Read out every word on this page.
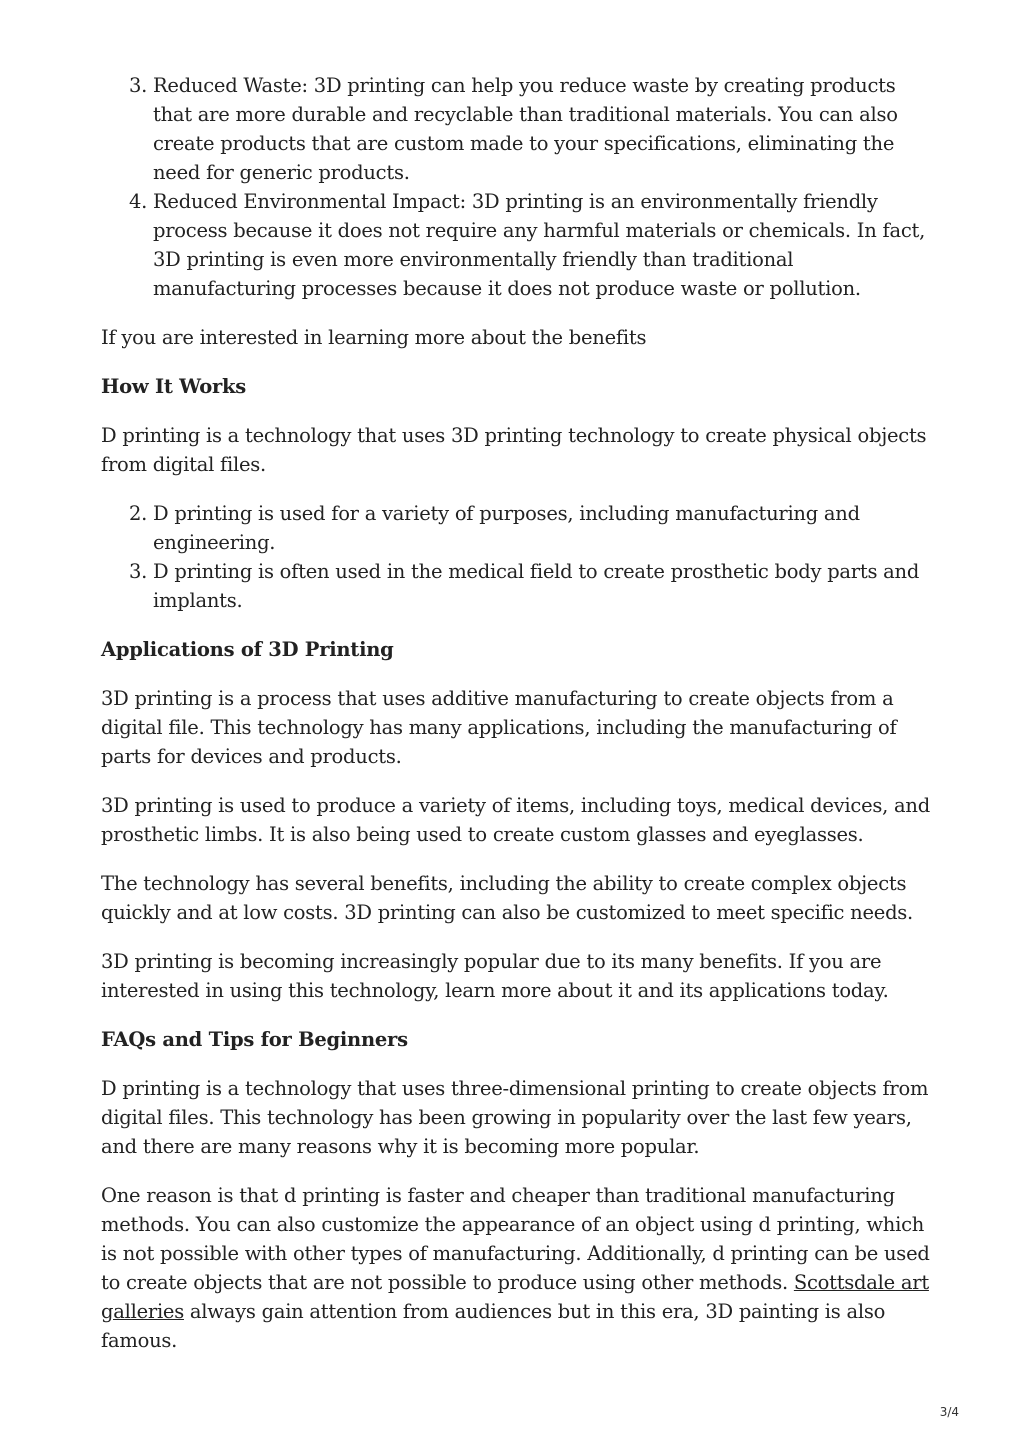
3. Reduced Waste: 3D printing can help you reduce waste by creating products that are more durable and recyclable than traditional materials. You can also create products that are custom made to your specifications, eliminating the need for generic products.
4. Reduced Environmental Impact: 3D printing is an environmentally friendly process because it does not require any harmful materials or chemicals. In fact, 3D printing is even more environmentally friendly than traditional manufacturing processes because it does not produce waste or pollution.

If you are interested in learning more about the benefits

How It Works

D printing is a technology that uses 3D printing technology to create physical objects from digital files.

2. D printing is used for a variety of purposes, including manufacturing and engineering.
3. D printing is often used in the medical field to create prosthetic body parts and implants.
Applications of 3D Printing

3D printing is a process that uses additive manufacturing to create objects from a digital file. This technology has many applications, including the manufacturing of parts for devices and products.

3D printing is used to produce a variety of items, including toys, medical devices, and prosthetic limbs. It is also being used to create custom glasses and eyeglasses.

The technology has several benefits, including the ability to create complex objects quickly and at low costs. 3D printing can also be customized to meet specific needs.

3D printing is becoming increasingly popular due to its many benefits. If you are interested in using this technology, learn more about it and its applications today.

FAQs and Tips for Beginners

D printing is a technology that uses three-dimensional printing to create objects from digital files. This technology has been growing in popularity over the last few years, and there are many reasons why it is becoming more popular.

One reason is that d printing is faster and cheaper than traditional manufacturing methods. You can also customize the appearance of an object using d printing, which is not possible with other types of manufacturing. Additionally, d printing can be used to create objects that are not possible to produce using other methods. Scottsdale art galleries always gain attention from audiences but in this era, 3D painting is also famous.

3/4
